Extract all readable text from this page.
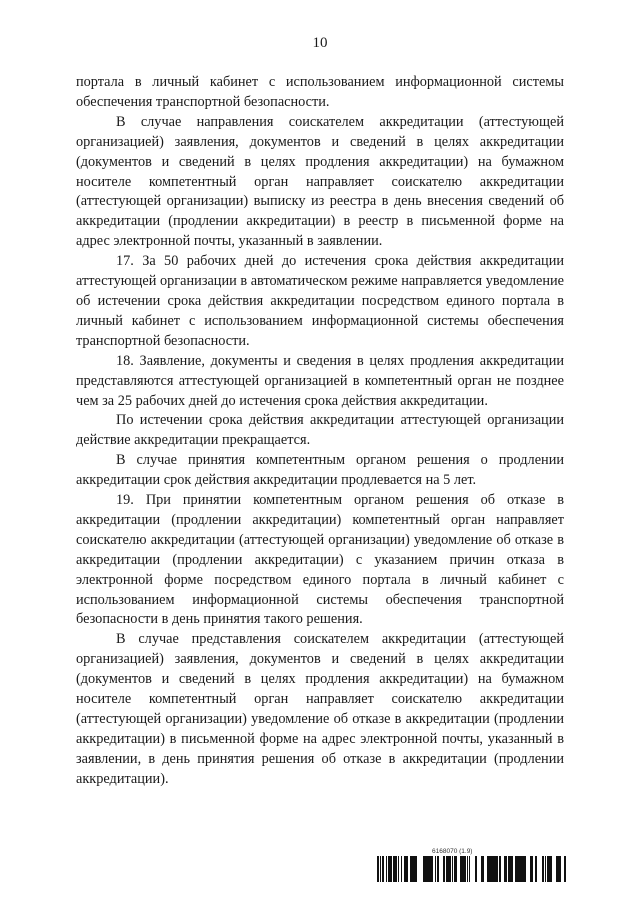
10

портала в личный кабинет с использованием информационной системы обеспечения транспортной безопасности.

В случае направления соискателем аккредитации (аттестующей организацией) заявления, документов и сведений в целях аккредитации (документов и сведений в целях продления аккредитации) на бумажном носителе компетентный орган направляет соискателю аккредитации (аттестующей организации) выписку из реестра в день внесения сведений об аккредитации (продлении аккредитации) в реестр в письменной форме на адрес электронной почты, указанный в заявлении.

17. За 50 рабочих дней до истечения срока действия аккредитации аттестующей организации в автоматическом режиме направляется уведомление об истечении срока действия аккредитации посредством единого портала в личный кабинет с использованием информационной системы обеспечения транспортной безопасности.

18. Заявление, документы и сведения в целях продления аккредитации представляются аттестующей организацией в компетентный орган не позднее чем за 25 рабочих дней до истечения срока действия аккредитации.

По истечении срока действия аккредитации аттестующей организации действие аккредитации прекращается.

В случае принятия компетентным органом решения о продлении аккредитации срок действия аккредитации продлевается на 5 лет.

19. При принятии компетентным органом решения об отказе в аккредитации (продлении аккредитации) компетентный орган направляет соискателю аккредитации (аттестующей организации) уведомление об отказе в аккредитации (продлении аккредитации) с указанием причин отказа в электронной форме посредством единого портала в личный кабинет с использованием информационной системы обеспечения транспортной безопасности в день принятия такого решения.

В случае представления соискателем аккредитации (аттестующей организацией) заявления, документов и сведений в целях аккредитации (документов и сведений в целях продления аккредитации) на бумажном носителе компетентный орган направляет соискателю аккредитации (аттестующей организации) уведомление об отказе в аккредитации (продлении аккредитации) в письменной форме на адрес электронной почты, указанный в заявлении, в день принятия решения об отказе в аккредитации (продлении аккредитации).

6168070 (1.9)
